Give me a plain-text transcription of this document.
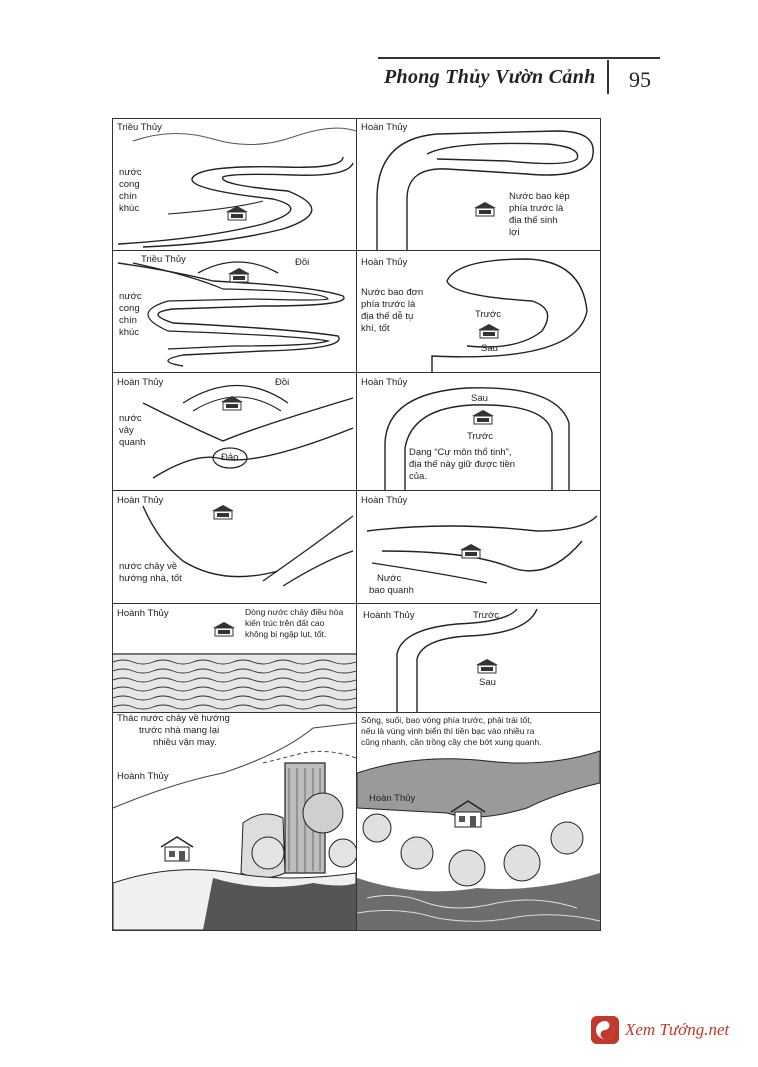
Phong Thủy Vườn Cảnh 95
Triều Thủy
nước
cong
chín
khúc
Hoàn Thủy
Nước bao kép
phía trước là
địa thế sinh
lợi
Triều Thủy	Đồi
nước
cong
chín
khúc
Hoàn Thủy
Nước bao đơn
phía trước là
địa thế dễ tụ
khí, tốt
Trước
Sau
Hoàn Thủy	Đồi
nước
vây
quanh
Đảo
Hoàn Thủy
Sau
Trước
Dạng “Cự môn thổ tinh”,
địa thế này giữ được tiền
của.
Hoàn Thủy
nước chảy về
hướng nhà, tốt
Hoàn Thủy
Nước
bao quanh
Hoành Thủy	Dòng nước chảy điều hòa
kiến trúc trên đất cao
không bị ngập lụt, tốt.
Hoành Thủy	Trước
Sau
Thác nước chảy về hướng
trước nhà mang lại
nhiều vận may.
Hoành Thủy
Sông, suối, bao vòng phía trước, phải trái tốt,
nếu là vùng vịnh biển thì tiền bạc vào nhiều ra
cũng nhanh, cần trồng cây che bớt xung quanh.
Hoàn Thủy
Xem Tướng.net
